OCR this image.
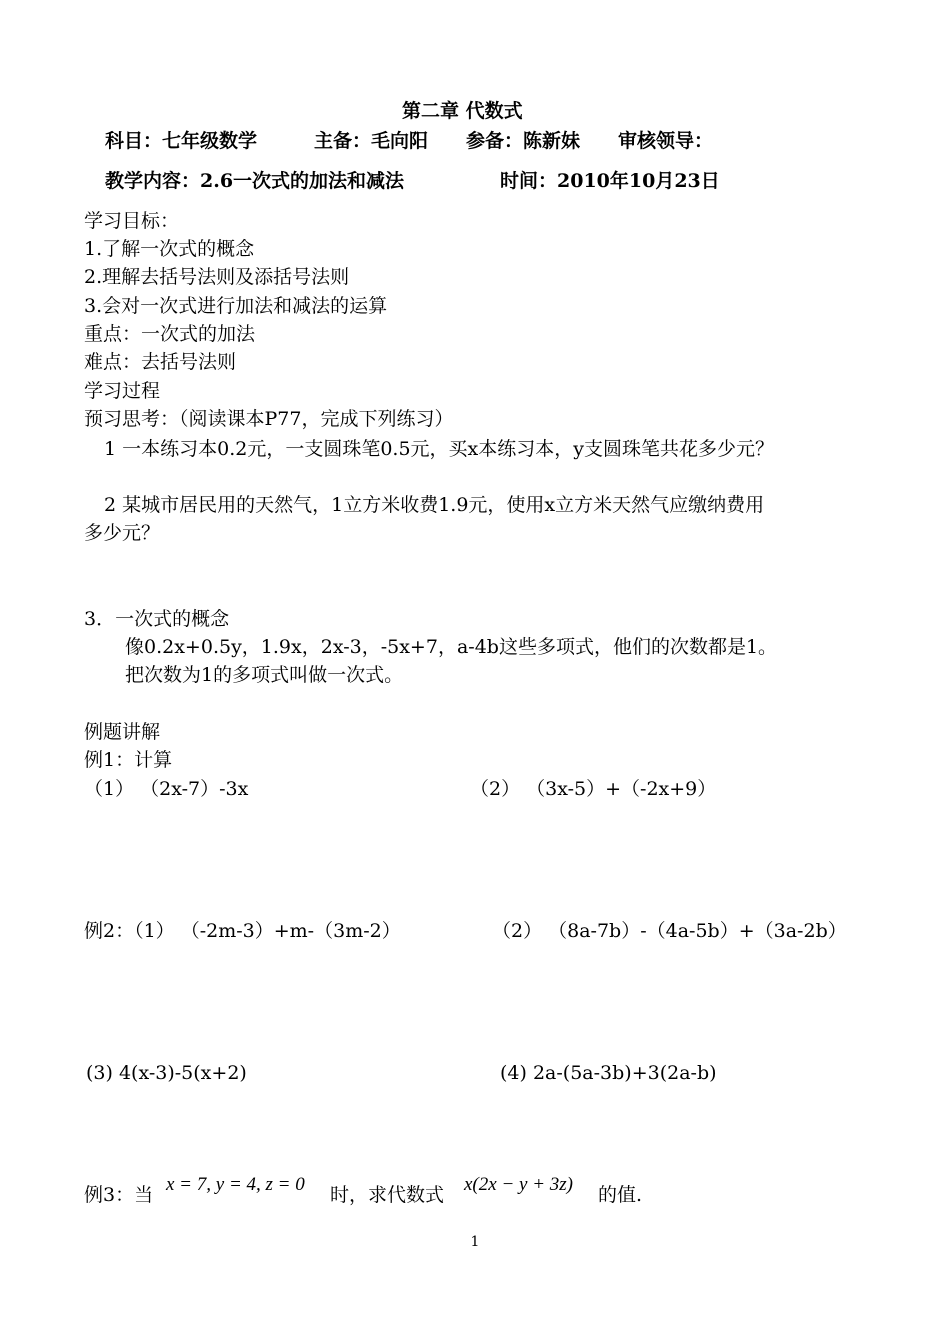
第二章 代数式
科目：七年级数学	主备：毛向阳 参备：陈新妹 审核领导：
教学内容：2.6一次式的加法和减法	时间：2010年10月23日
学习目标：
1.了解一次式的概念
2.理解去括号法则及添括号法则
3.会对一次式进行加法和减法的运算
重点：一次式的加法
难点：去括号法则
学习过程
预习思考：（阅读课本P77，完成下列练习）
1 一本练习本0.2元，一支圆珠笔0.5元，买x本练习本，y支圆珠笔共花多少元？
2 某城市居民用的天然气，1立方米收费1.9元，使用x立方米天然气应缴纳费用
多少元？
3．一次式的概念
像0.2x+0.5y，1.9x，2x-3，-5x+7，a-4b这些多项式，他们的次数都是1。
把次数为1的多项式叫做一次式。
例题讲解
例1：计算
（1） （2x-7）-3x	（2） （3x-5）+（-2x+9）
例2：（1） （-2m-3）+m-（3m-2）	（2） （8a-7b）-（4a-5b）+（3a-2b）
(3) 4(x-3)-5(x+2)	(4) 2a-(5a-3b)+3(2a-b)
例3：当 x = 7, y = 4, z = 0 时，求代数式 x(2x − y + 3z) 的值.
1
